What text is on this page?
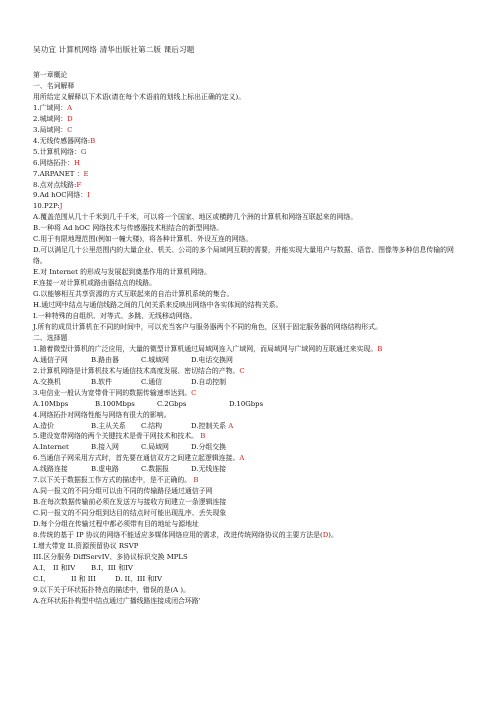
吴功宜 计算机网络 清华出版社第二版 课后习题
第一章概论
一、名词解释
用所给定义解释以下术语(请在每个术语前的划线上标出正确的定义)。
1.广域网：A
2.城域网：D
3.局域网：C
4.无线传感器网络:B
5.计算机网络：G
6.网络拓扑：H
7.ARPANET ：E
8.点对点线路:F
9.Ad hOC网络：I
10.P2P:J
A.覆盖范围从几十千米到几千千米，可以将一个国家、地区或横跨几个洲的计算机和网络互联起来的网络。
B.一种将 Ad hOC 网络技术与传感器技术相结合的新型网络。
C.用于有限地理范围(例如一幢大楼)，将各种计算机、外设互连的网络。
D.可以满足几十公里范围内的大量企业、机关、公司的多个局域网互联的需要，并能实现大量用户与数据、语音、图像等多种信息传输的网络。
E.对 Internet 的形成与发展起到奠基作用的计算机网络。
F.连接一对计算机或路由器结点的线路。
G.以能够相互共享资源的方式互联起来的自治计算机系统的集合。
H.通过网中结点与通信线路之间的几何关系来反映出网络中各实体间的结构关系。
I.一种特殊的自组织、对等式、多跳、无线移动网络。
J.所有的成员计算机在不同的时间中，可以充当客户与服务器两个不同的角色，区别于固定服务器的网络结构形式。
二、选择题
1.随着微型计算机的广泛应用，大量的微型计算机通过局域网连入广域网，而局域网与广域网的互联通过来实现。B
A.通信子网	B.路由器	C.城域网	D.电话交换网
2.计算机网络是计算机技术与通信技术高度发展、密切结合的产物。C
A.交换机	B.软件	C.通信	D.自动控制
3.电信业一般认为宽带骨干网的数据传输速率达到。C
A.10Mbps	B.100Mbps	C.2Gbps	D.10Gbps
4.网络拓扑对网络性能与网络有很大的影响。
A.造价	B.主从关系	C.结构	D.控制关系 A
5.建设宽带网络的两个关键技术是骨干网技术和技术。 B
A.Internet	B.接入网	C.局域网	D.分组交换
6.当通信子网采用方式时，首先要在通信双方之间建立起逻辑连接。A
A.线路连接	B.虚电路	C.数据报	D.无线连接
7.以下关于数据报工作方式的描述中，是不正确的。 B
A.同一报文的不同分组可以由不同的传输路径通过通信子网
B.在每次数据传输前必须在发送方与接收方间建立一条逻辑连接
C.同一报文的不同分组到达目的结点时可能出现乱序、丢失现象
D.每个分组在传输过程中都必须带有目的地址与源地址
8.传统的基于 IP 协议的网络不能适应多媒体网络应用的需求，改进传统网络协议的主要方法是(D)。
I.增大带宽 II.资源预留协议 RSVP
III.区分服务 DiffServIV、多协议标识交换 MPLS
A.I、 II 和IV	B.I、III 和IV
C.I、	II 和 III	D. II、III 和IV
9.以下关于环状拓扑特点的描述中，错误的是(A )。
A.在环状拓扑构型中结点通过广播线路连接成闭合环路'
